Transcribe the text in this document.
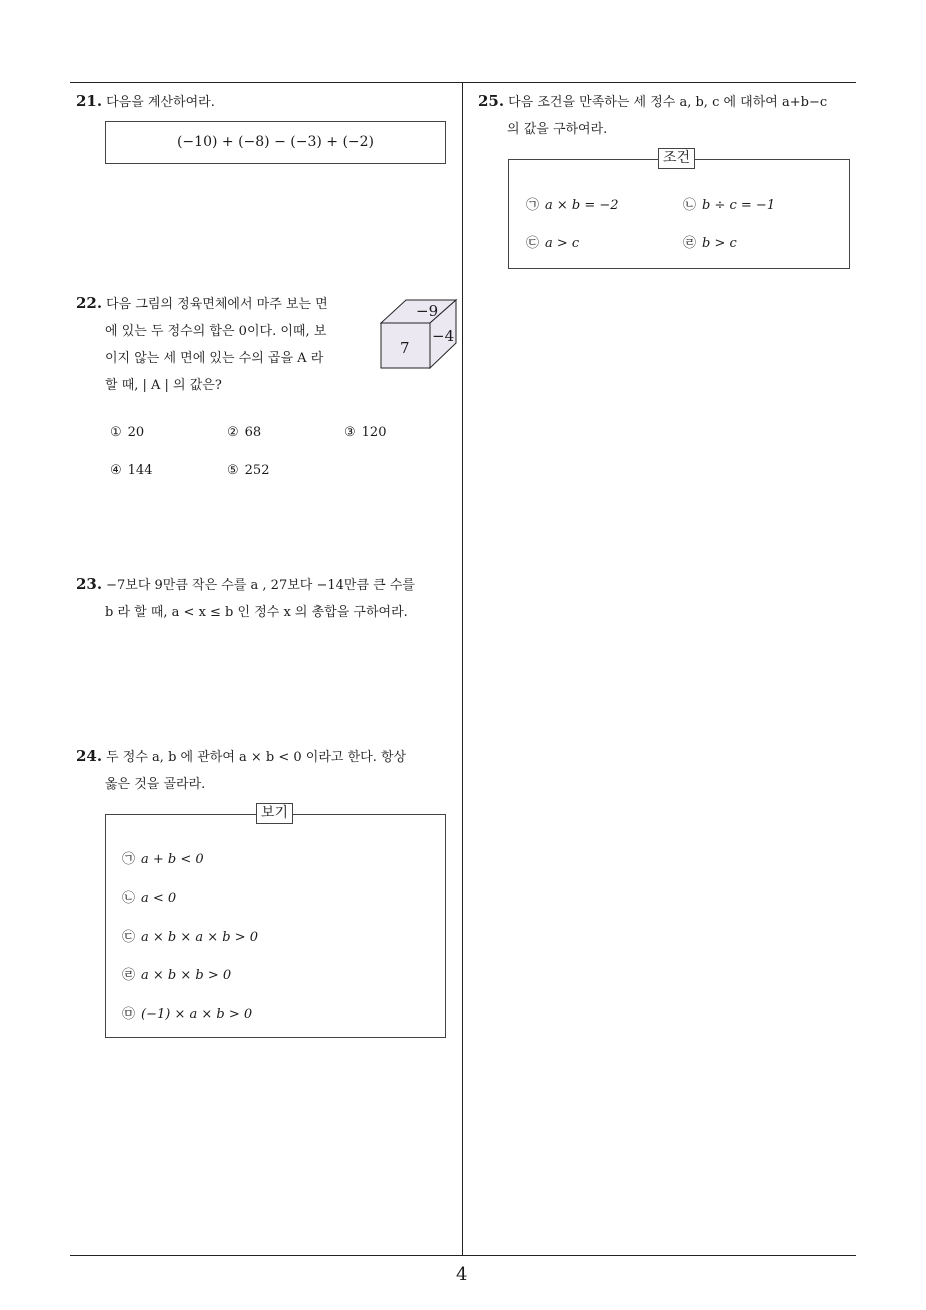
21. 다음을 계산하여라.
(−10) + (−8) − (−3) + (−2)
22. 다음 그림의 정육면체에서 마주 보는 면
에 있는 두 정수의 합은 0이다. 이때, 보
이지 않는 세 면에 있는 수의 곱을 A 라
할 때, | A | 의 값은?
−9
−4
7
① 20	② 68	③ 120
④ 144	⑤ 252
23. −7보다 9만큼 작은 수를 a , 27보다 −14만큼 큰 수를
b 라 할 때, a < x ≤ b 인 정수 x 의 총합을 구하여라.
24. 두 정수 a, b 에 관하여 a × b < 0 이라고 한다. 항상
옳은 것을 골라라.
보기
㉠ a + b < 0
㉡ a < 0
㉢ a × b × a × b > 0
㉣ a × b × b > 0
㉤ (−1) × a × b > 0
25. 다음 조건을 만족하는 세 정수 a, b, c 에 대하여 a+b−c
의 값을 구하여라.
조건
㉠ a × b = −2	㉡ b ÷ c = −1
㉢ a > c	㉣ b > c
4
